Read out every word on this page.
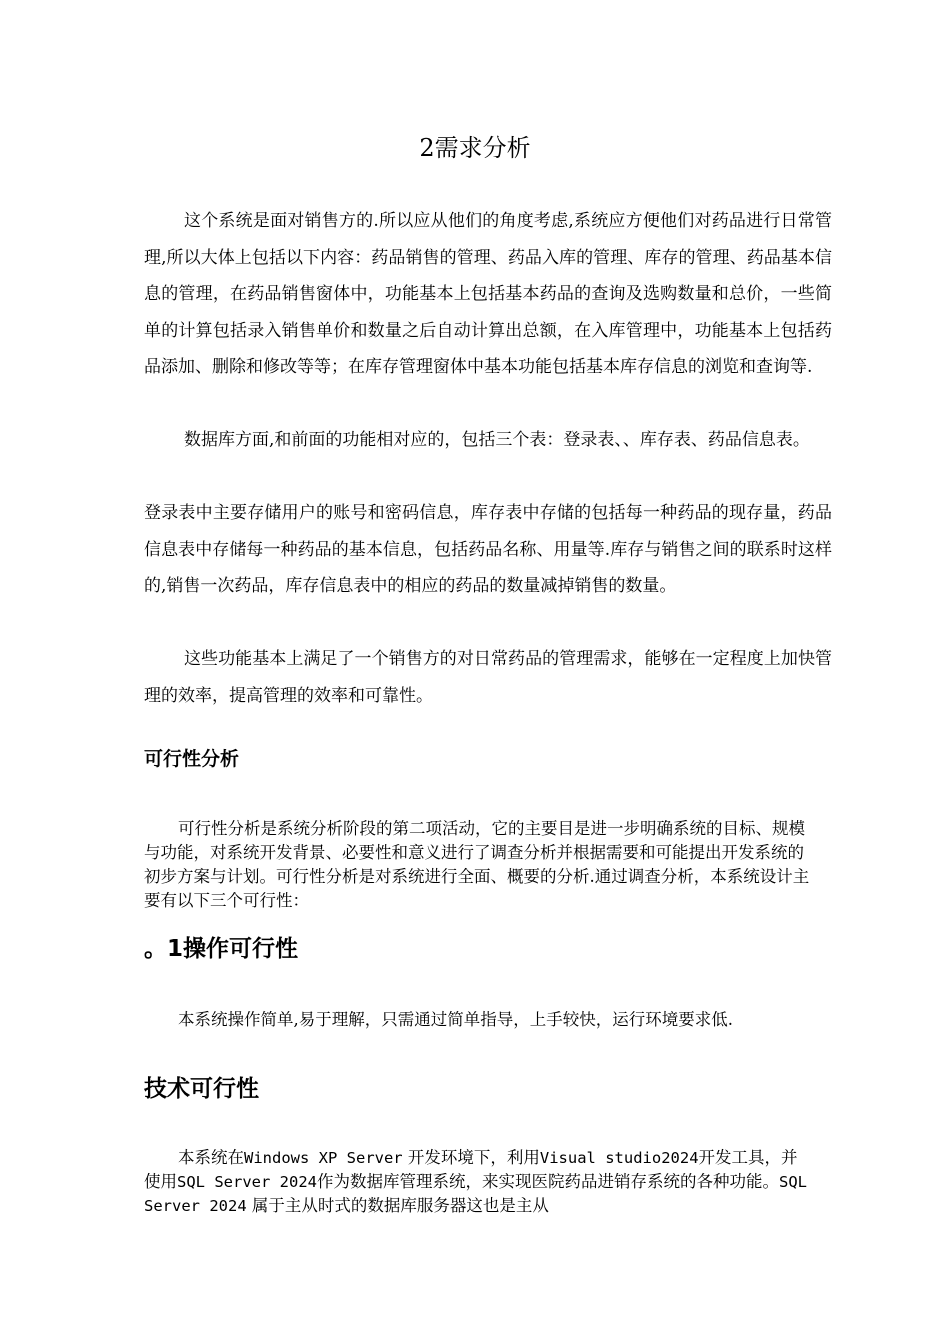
2需求分析

这个系统是面对销售方的.所以应从他们的角度考虑,系统应方便他们对药品进行日常管理,所以大体上包括以下内容：药品销售的管理、药品入库的管理、库存的管理、药品基本信息的管理，在药品销售窗体中，功能基本上包括基本药品的查询及选购数量和总价，一些简单的计算包括录入销售单价和数量之后自动计算出总额，在入库管理中，功能基本上包括药品添加、删除和修改等等；在库存管理窗体中基本功能包括基本库存信息的浏览和查询等.

数据库方面,和前面的功能相对应的，包括三个表：登录表、、库存表、药品信息表。

登录表中主要存储用户的账号和密码信息，库存表中存储的包括每一种药品的现存量，药品信息表中存储每一种药品的基本信息，包括药品名称、用量等.库存与销售之间的联系时这样的,销售一次药品，库存信息表中的相应的药品的数量减掉销售的数量。

这些功能基本上满足了一个销售方的对日常药品的管理需求，能够在一定程度上加快管理的效率，提高管理的效率和可靠性。

可行性分析

可行性分析是系统分析阶段的第二项活动，它的主要目是进一步明确系统的目标、规模与功能，对系统开发背景、必要性和意义进行了调查分析并根据需要和可能提出开发系统的初步方案与计划。可行性分析是对系统进行全面、概要的分析.通过调查分析，本系统设计主要有以下三个可行性：

。1操作可行性

本系统操作简单,易于理解，只需通过简单指导，上手较快，运行环境要求低.

技术可行性

本系统在Windows XP Server 开发环境下，利用Visual studio2024开发工具，并使用SQL Server 2024作为数据库管理系统，来实现医院药品进销存系统的各种功能。SQL Server 2024 属于主从时式的数据库服务器这也是主从
